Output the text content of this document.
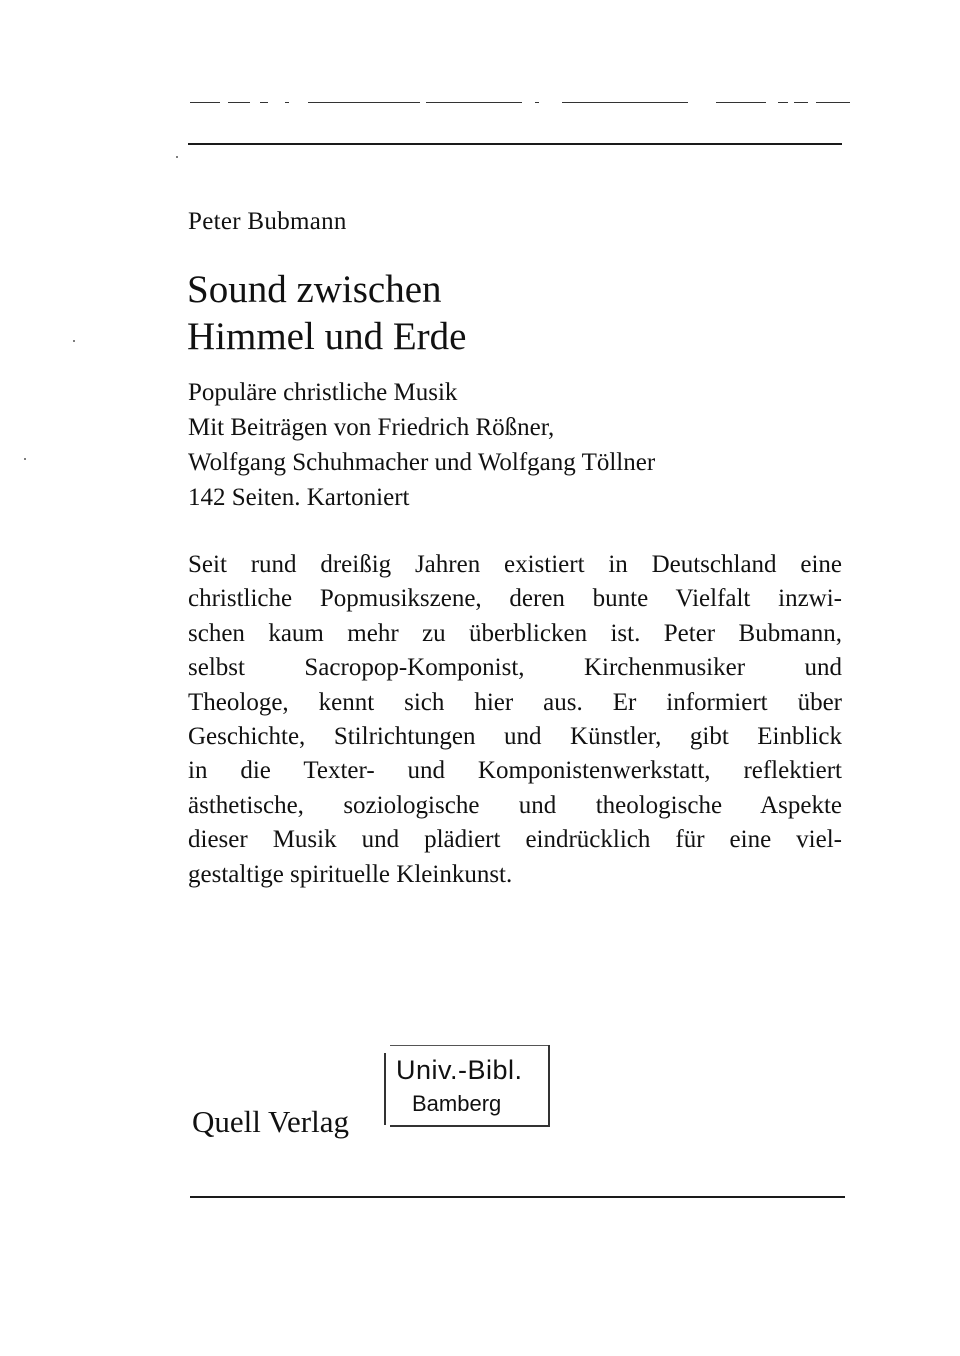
Peter Bubmann
Sound zwischen
Himmel und Erde
Populäre christliche Musik
Mit Beiträgen von Friedrich Rößner,
Wolfgang Schuhmacher und Wolfgang Töllner
142 Seiten. Kartoniert
Seit rund dreißig Jahren existiert in Deutschland eine
christliche Popmusikszene, deren bunte Vielfalt inzwi-
schen kaum mehr zu überblicken ist. Peter Bubmann,
selbst Sacropop-Komponist, Kirchenmusiker und
Theologe, kennt sich hier aus. Er informiert über
Geschichte, Stilrichtungen und Künstler, gibt Einblick
in die Texter- und Komponistenwerkstatt, reflektiert
ästhetische, soziologische und theologische Aspekte
dieser Musik und plädiert eindrücklich für eine viel-
gestaltige spirituelle Kleinkunst.
Quell Verlag
Univ.-Bibl.
Bamberg
